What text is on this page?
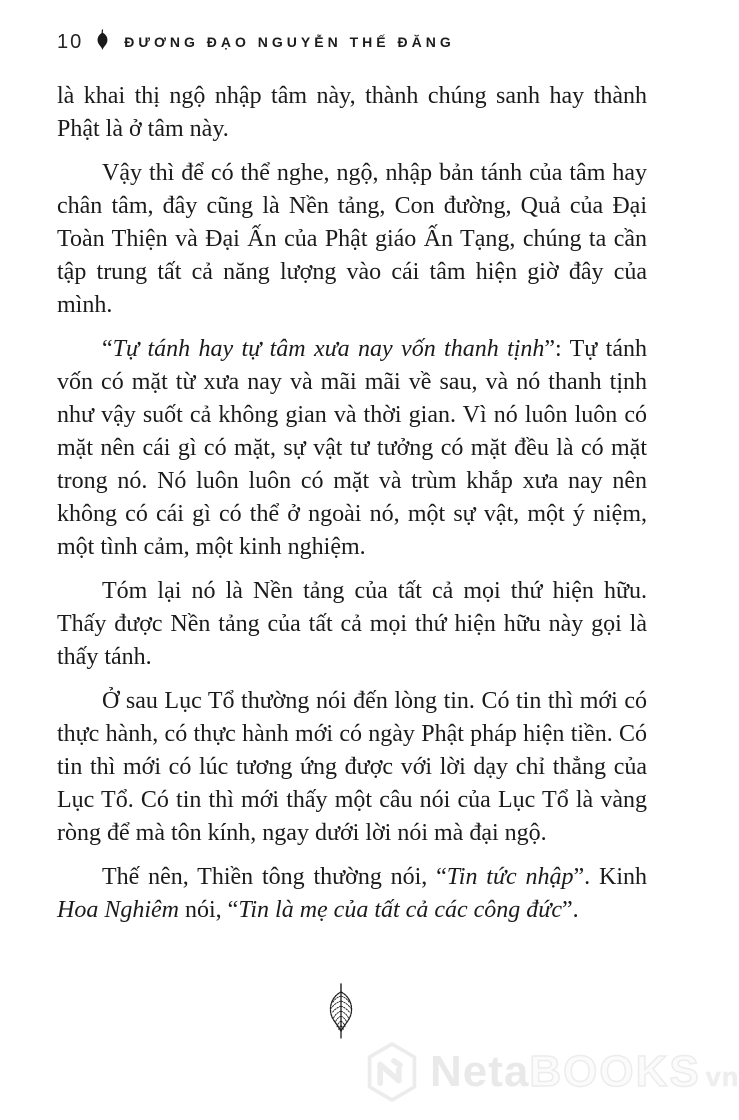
10	ĐƯƠNG ĐẠO NGUYỄN THẾ ĐĂNG

là khai thị ngộ nhập tâm này, thành chúng sanh hay thành Phật là ở tâm này.

Vậy thì để có thể nghe, ngộ, nhập bản tánh của tâm hay chân tâm, đây cũng là Nền tảng, Con đường, Quả của Đại Toàn Thiện và Đại Ấn của Phật giáo Ấn Tạng, chúng ta cần tập trung tất cả năng lượng vào cái tâm hiện giờ đây của mình.

“Tự tánh hay tự tâm xưa nay vốn thanh tịnh”: Tự tánh vốn có mặt từ xưa nay và mãi mãi về sau, và nó thanh tịnh như vậy suốt cả không gian và thời gian. Vì nó luôn luôn có mặt nên cái gì có mặt, sự vật tư tưởng có mặt đều là có mặt trong nó. Nó luôn luôn có mặt và trùm khắp xưa nay nên không có cái gì có thể ở ngoài nó, một sự vật, một ý niệm, một tình cảm, một kinh nghiệm.

Tóm lại nó là Nền tảng của tất cả mọi thứ hiện hữu. Thấy được Nền tảng của tất cả mọi thứ hiện hữu này gọi là thấy tánh.

Ở sau Lục Tổ thường nói đến lòng tin. Có tin thì mới có thực hành, có thực hành mới có ngày Phật pháp hiện tiền. Có tin thì mới có lúc tương ứng được với lời dạy chỉ thẳng của Lục Tổ. Có tin thì mới thấy một câu nói của Lục Tổ là vàng ròng để mà tôn kính, ngay dưới lời nói mà đại ngộ.

Thế nên, Thiền tông thường nói, “Tin tức nhập”. Kinh Hoa Nghiêm nói, “Tin là mẹ của tất cả các công đức”.

NetaBOOKS vn
